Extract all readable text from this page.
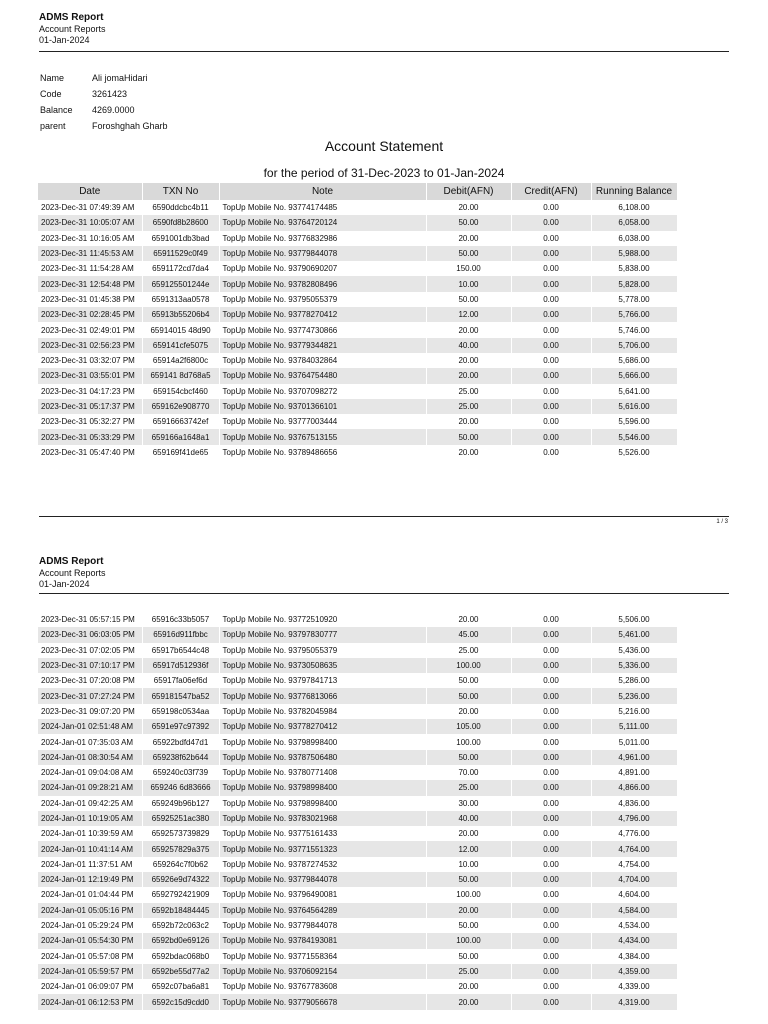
ADMS Report
Account Reports
01-Jan-2024
Name	Ali jomaHidari
Code	3261423
Balance	4269.0000
parent	Foroshghah Gharb
Account Statement
for the period of 31-Dec-2023 to 01-Jan-2024
Date	TXN No	Note	Debit(AFN)	Credit(AFN)	Running Balance
2023-Dec-31 07:49:39 AM	6590ddcbc4b11	TopUp Mobile No. 93774174485	20.00	0.00	6,108.00
2023-Dec-31 10:05:07 AM	6590fd8b28600	TopUp Mobile No. 93764720124	50.00	0.00	6,058.00
2023-Dec-31 10:16:05 AM	6591001db3bad	TopUp Mobile No. 93776832986	20.00	0.00	6,038.00
2023-Dec-31 11:45:53 AM	65911529c0f49	TopUp Mobile No. 93779844078	50.00	0.00	5,988.00
2023-Dec-31 11:54:28 AM	6591172cd7da4	TopUp Mobile No. 93790690207	150.00	0.00	5,838.00
2023-Dec-31 12:54:48 PM	659125501244e	TopUp Mobile No. 93782808496	10.00	0.00	5,828.00
2023-Dec-31 01:45:38 PM	6591313aa0578	TopUp Mobile No. 93795055379	50.00	0.00	5,778.00
2023-Dec-31 02:28:45 PM	65913b55206b4	TopUp Mobile No. 93778270412	12.00	0.00	5,766.00
2023-Dec-31 02:49:01 PM	65914015 48d90	TopUp Mobile No. 93774730866	20.00	0.00	5,746.00
2023-Dec-31 02:56:23 PM	659141cfe5075	TopUp Mobile No. 93779344821	40.00	0.00	5,706.00
2023-Dec-31 03:32:07 PM	65914a2f6800c	TopUp Mobile No. 93784032864	20.00	0.00	5,686.00
2023-Dec-31 03:55:01 PM	659141 8d768a5	TopUp Mobile No. 93764754480	20.00	0.00	5,666.00
2023-Dec-31 04:17:23 PM	659154cbcf460	TopUp Mobile No. 93707098272	25.00	0.00	5,641.00
2023-Dec-31 05:17:37 PM	659162e908770	TopUp Mobile No. 93701366101	25.00	0.00	5,616.00
2023-Dec-31 05:32:27 PM	65916663742ef	TopUp Mobile No. 93777003444	20.00	0.00	5,596.00
2023-Dec-31 05:33:29 PM	659166a1648a1	TopUp Mobile No. 93767513155	50.00	0.00	5,546.00
2023-Dec-31 05:47:40 PM	659169f41de65	TopUp Mobile No. 93789486656	20.00	0.00	5,526.00
1 / 3
ADMS Report
Account Reports
01-Jan-2024
2023-Dec-31 05:57:15 PM	65916c33b5057	TopUp Mobile No. 93772510920	20.00	0.00	5,506.00
2023-Dec-31 06:03:05 PM	65916d911fbbc	TopUp Mobile No. 93797830777	45.00	0.00	5,461.00
2023-Dec-31 07:02:05 PM	65917b6544c48	TopUp Mobile No. 93795055379	25.00	0.00	5,436.00
2023-Dec-31 07:10:17 PM	65917d512936f	TopUp Mobile No. 93730508635	100.00	0.00	5,336.00
2023-Dec-31 07:20:08 PM	65917fa06ef6d	TopUp Mobile No. 93797841713	50.00	0.00	5,286.00
2023-Dec-31 07:27:24 PM	659181547ba52	TopUp Mobile No. 93776813066	50.00	0.00	5,236.00
2023-Dec-31 09:07:20 PM	659198c0534aa	TopUp Mobile No. 93782045984	20.00	0.00	5,216.00
2024-Jan-01 02:51:48 AM	6591e97c97392	TopUp Mobile No. 93778270412	105.00	0.00	5,111.00
2024-Jan-01 07:35:03 AM	65922bdfd47d1	TopUp Mobile No. 93798998400	100.00	0.00	5,011.00
2024-Jan-01 08:30:54 AM	659238f62b644	TopUp Mobile No. 93787506480	50.00	0.00	4,961.00
2024-Jan-01 09:04:08 AM	659240c03f739	TopUp Mobile No. 93780771408	70.00	0.00	4,891.00
2024-Jan-01 09:28:21 AM	659246 6d83666	TopUp Mobile No. 93798998400	25.00	0.00	4,866.00
2024-Jan-01 09:42:25 AM	659249b96b127	TopUp Mobile No. 93798998400	30.00	0.00	4,836.00
2024-Jan-01 10:19:05 AM	65925251ac380	TopUp Mobile No. 93783021968	40.00	0.00	4,796.00
2024-Jan-01 10:39:59 AM	6592573739829	TopUp Mobile No. 93775161433	20.00	0.00	4,776.00
2024-Jan-01 10:41:14 AM	659257829a375	TopUp Mobile No. 93771551323	12.00	0.00	4,764.00
2024-Jan-01 11:37:51 AM	659264c7f0b62	TopUp Mobile No. 93787274532	10.00	0.00	4,754.00
2024-Jan-01 12:19:49 PM	65926e9d74322	TopUp Mobile No. 93779844078	50.00	0.00	4,704.00
2024-Jan-01 01:04:44 PM	6592792421909	TopUp Mobile No. 93796490081	100.00	0.00	4,604.00
2024-Jan-01 05:05:16 PM	6592b18484445	TopUp Mobile No. 93764564289	20.00	0.00	4,584.00
2024-Jan-01 05:29:24 PM	6592b72c063c2	TopUp Mobile No. 93779844078	50.00	0.00	4,534.00
2024-Jan-01 05:54:30 PM	6592bd0e69126	TopUp Mobile No. 93784193081	100.00	0.00	4,434.00
2024-Jan-01 05:57:08 PM	6592bdac068b0	TopUp Mobile No. 93771558364	50.00	0.00	4,384.00
2024-Jan-01 05:59:57 PM	6592be55d77a2	TopUp Mobile No. 93706092154	25.00	0.00	4,359.00
2024-Jan-01 06:09:07 PM	6592c07ba6a81	TopUp Mobile No. 93767783608	20.00	0.00	4,339.00
2024-Jan-01 06:12:53 PM	6592c15d9cdd0	TopUp Mobile No. 93779056678	20.00	0.00	4,319.00
